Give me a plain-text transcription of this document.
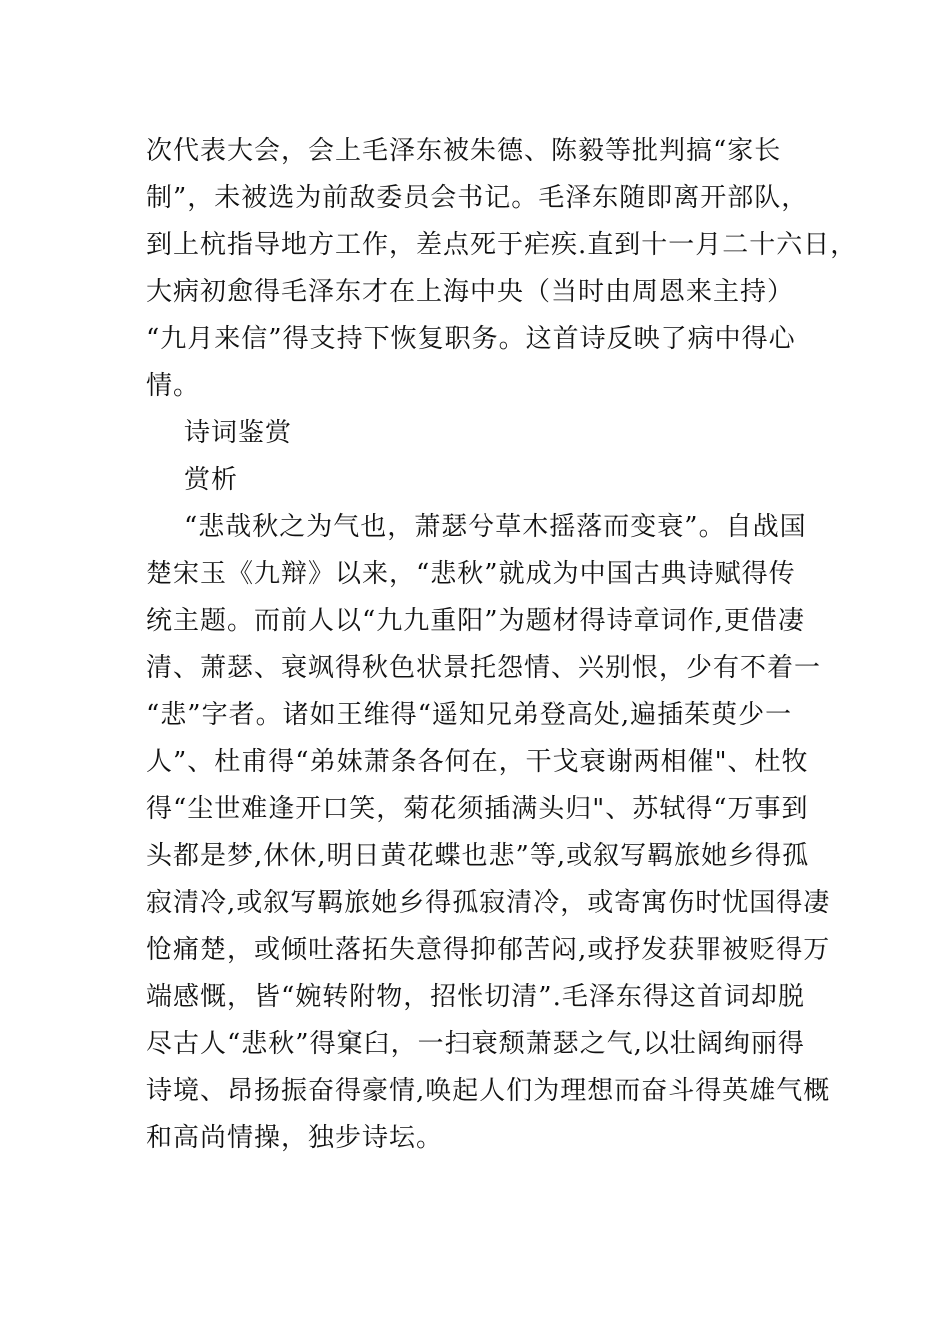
次代表大会，会上毛泽东被朱德、陈毅等批判搞“家长
制”，未被选为前敌委员会书记。毛泽东随即离开部队，
到上杭指导地方工作，差点死于疟疾.直到十一月二十六日，
大病初愈得毛泽东才在上海中央（当时由周恩来主持）
“九月来信”得支持下恢复职务。这首诗反映了病中得心
情。
诗词鉴赏
赏析
“悲哉秋之为气也，萧瑟兮草木摇落而变衰”。自战国
楚宋玉《九辩》以来，“悲秋”就成为中国古典诗赋得传
统主题。而前人以“九九重阳”为题材得诗章词作,更借凄
清、萧瑟、衰飒得秋色状景托怨情、兴别恨，少有不着一
“悲”字者。诸如王维得“遥知兄弟登高处,遍插茱萸少一
人”、杜甫得“弟妹萧条各何在，干戈衰谢两相催"、杜牧
得“尘世难逢开口笑，菊花须插满头归"、苏轼得“万事到
头都是梦,休休,明日黄花蝶也悲”等,或叙写羁旅她乡得孤
寂清冷,或叙写羁旅她乡得孤寂清冷，或寄寓伤时忧国得凄
怆痛楚，或倾吐落拓失意得抑郁苦闷,或抒发获罪被贬得万
端感慨，皆“婉转附物，招怅切清”.毛泽东得这首词却脱
尽古人“悲秋”得窠臼，一扫衰颓萧瑟之气,以壮阔绚丽得
诗境、昂扬振奋得豪情,唤起人们为理想而奋斗得英雄气概
和高尚情操，独步诗坛。
